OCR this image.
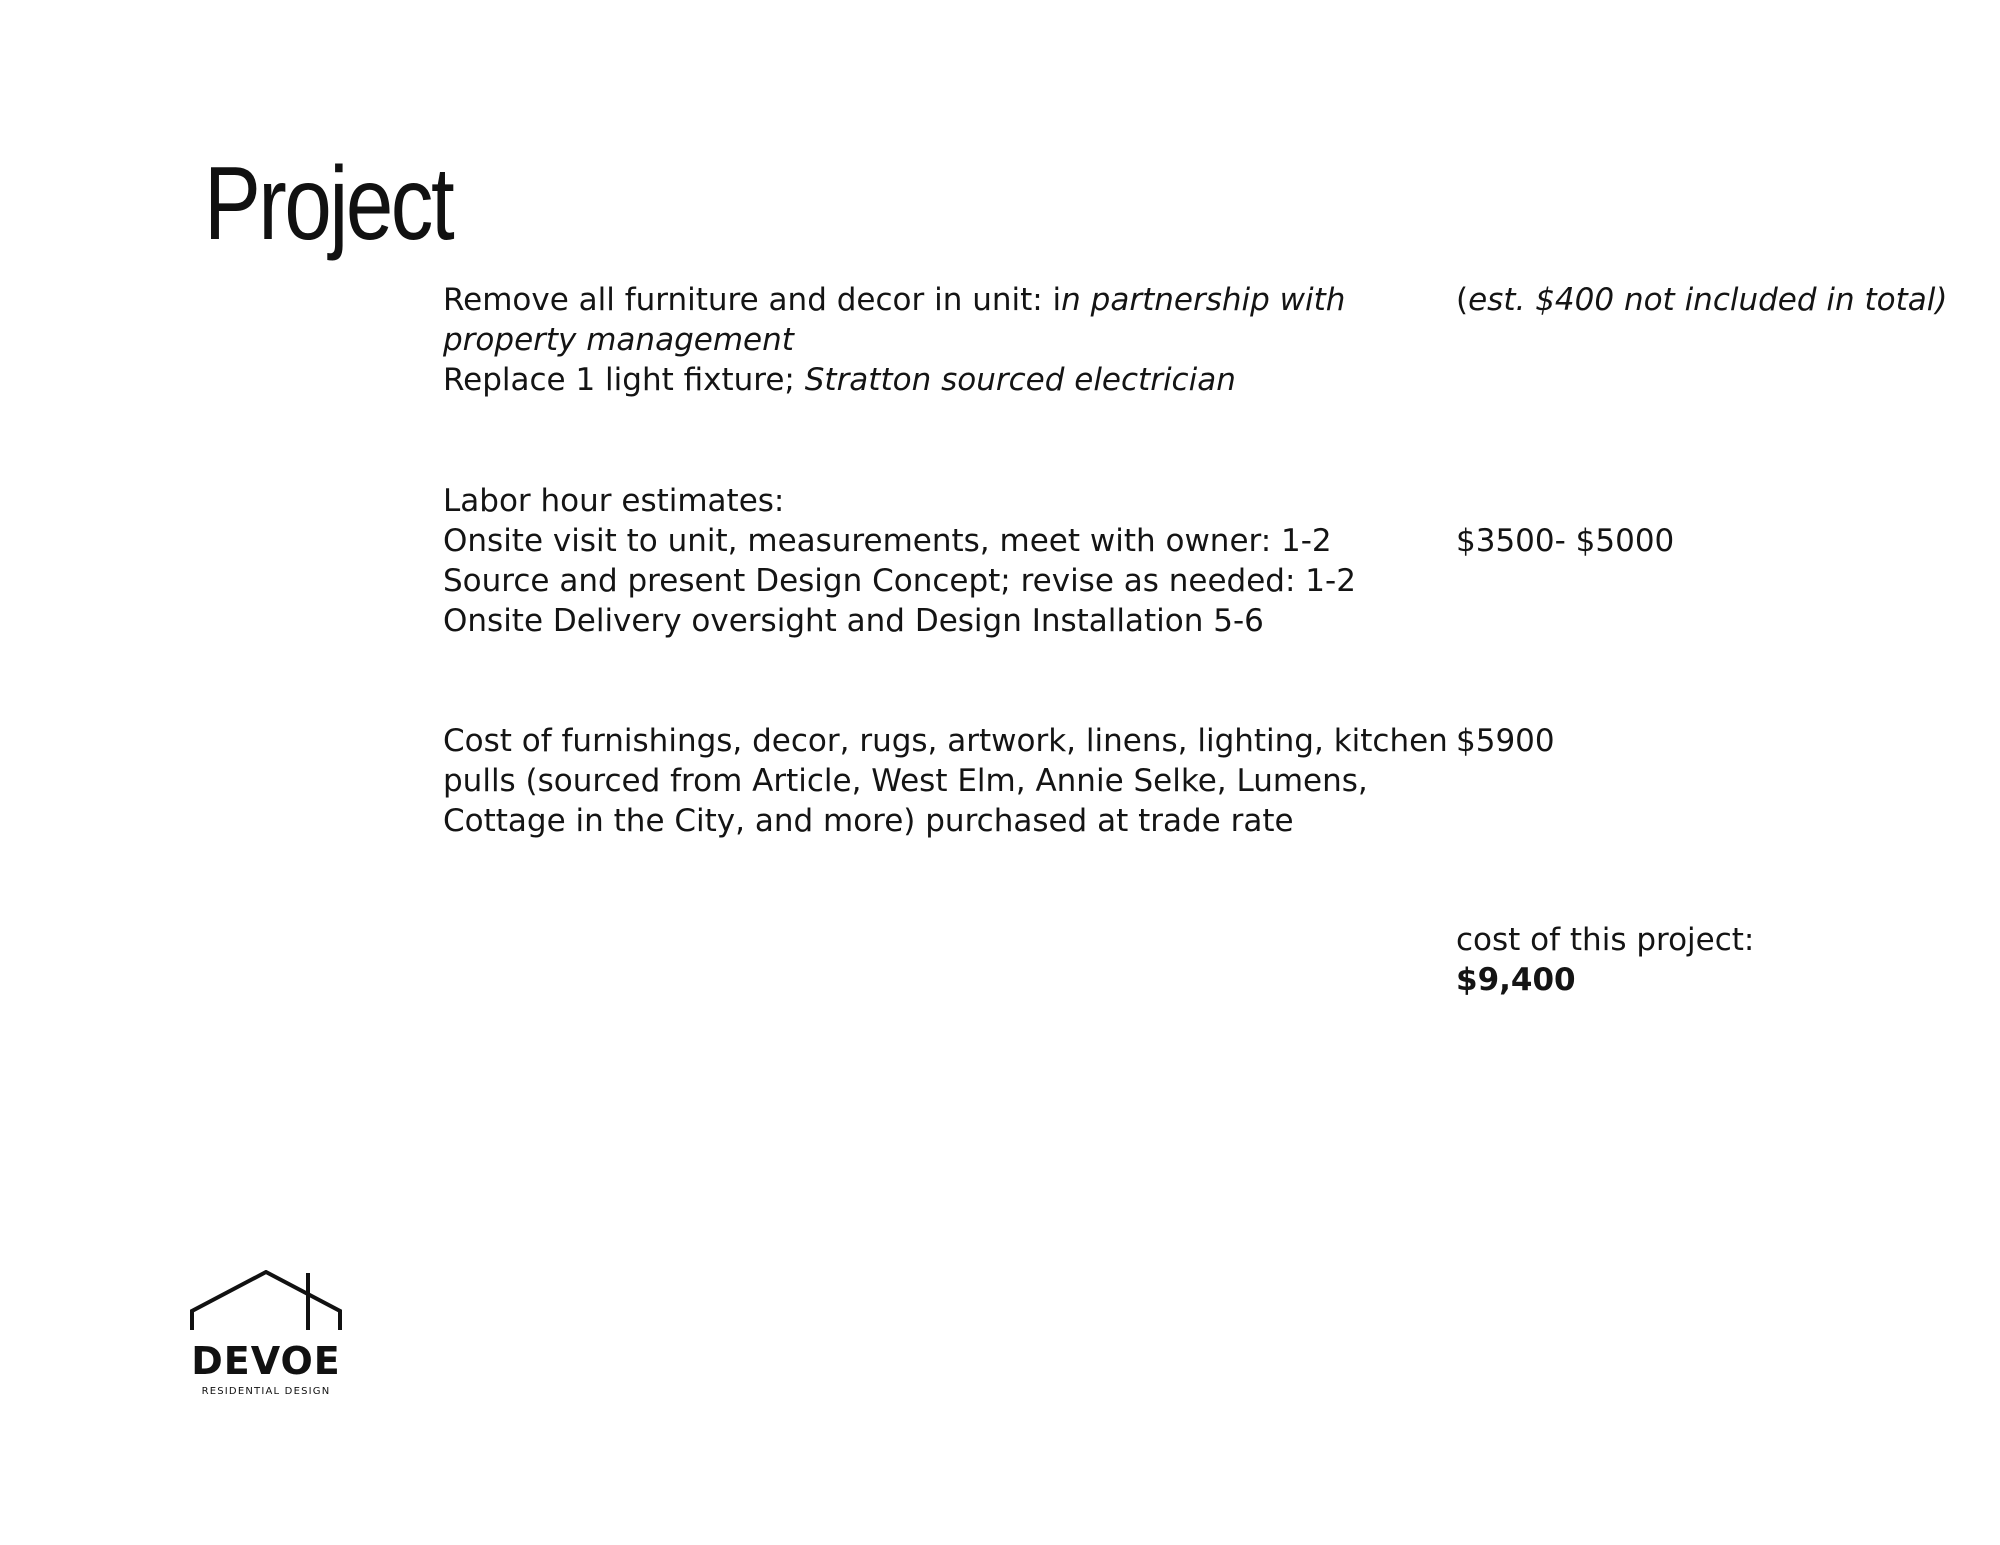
Project
Remove all furniture and decor in unit: in partnership with
property management
Replace 1 light fixture; Stratton sourced electrician
(est. $400 not included in total)
Labor hour estimates:
Onsite visit to unit, measurements, meet with owner: 1-2
Source and present Design Concept; revise as needed: 1-2
Onsite Delivery oversight and Design Installation 5-6
$3500- $5000
Cost of furnishings, decor, rugs, artwork, linens, lighting, kitchen
pulls (sourced from Article, West Elm, Annie Selke, Lumens,
Cottage in the City, and more) purchased at trade rate
$5900
cost of this project:
$9,400
DEVOE
RESIDENTIAL DESIGN
